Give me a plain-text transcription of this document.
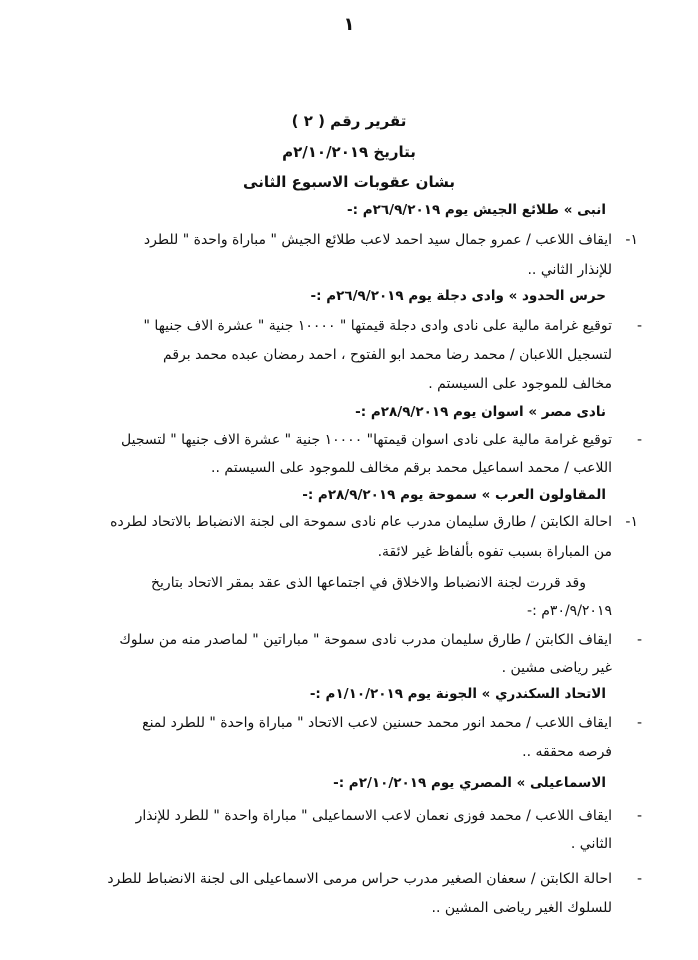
١
تقرير رقم ( ٢ )
بتاريخ ٢/١٠/٢٠١٩م
بشان عقوبات الاسبوع الثانى
انبى » طلائع الجيش يوم ٢٦/٩/٢٠١٩م :-
١-
ايقاف اللاعب / عمرو جمال سيد احمد لاعب طلائع الجيش " مباراة واحدة " للطرد
للإنذار الثاني ..
حرس الحدود » وادى دجلة يوم ٢٦/٩/٢٠١٩م :-
-
توقيع غرامة مالية على نادى وادى دجلة قيمتها " ١٠٠٠٠ جنية " عشرة الاف جنيها "
لتسجيل اللاعبان / محمد رضا محمد ابو الفتوح ، احمد رمضان عبده محمد برقم
مخالف للموجود على السيستم .
نادى مصر » اسوان يوم ٢٨/٩/٢٠١٩م :-
-
توقيع غرامة مالية على نادى اسوان قيمتها" ١٠٠٠٠ جنية " عشرة الاف جنيها " لتسجيل
اللاعب / محمد اسماعيل محمد برقم مخالف للموجود على السيستم ..
المقاولون العرب » سموحة يوم ٢٨/٩/٢٠١٩م :-
١-
احالة الكابتن / طارق سليمان مدرب عام نادى سموحة الى لجنة الانضباط بالاتحاد لطرده
من المباراة بسبب تفوه بألفاظ غير لائقة.
وقد قررت لجنة الانضباط والاخلاق في اجتماعها الذى عقد بمقر الاتحاد بتاريخ
٣٠/٩/٢٠١٩م :-
-
ايقاف الكابتن / طارق سليمان مدرب نادى سموحة " مباراتين " لماصدر منه من سلوك
غير رياضى مشين .
الاتحاد السكندري » الجونة يوم ١/١٠/٢٠١٩م :-
-
ايقاف اللاعب / محمد انور محمد حسنين لاعب الاتحاد " مباراة واحدة " للطرد لمنع
فرصه محققه ..
الاسماعيلى » المصري يوم ٢/١٠/٢٠١٩م :-
-
ايقاف اللاعب / محمد فوزى نعمان لاعب الاسماعيلى " مباراة واحدة " للطرد للإنذار
الثاني .
-
احالة الكابتن / سعفان الصغير مدرب حراس مرمى الاسماعيلى الى لجنة الانضباط للطرد
للسلوك الغير رياضى المشين ..
